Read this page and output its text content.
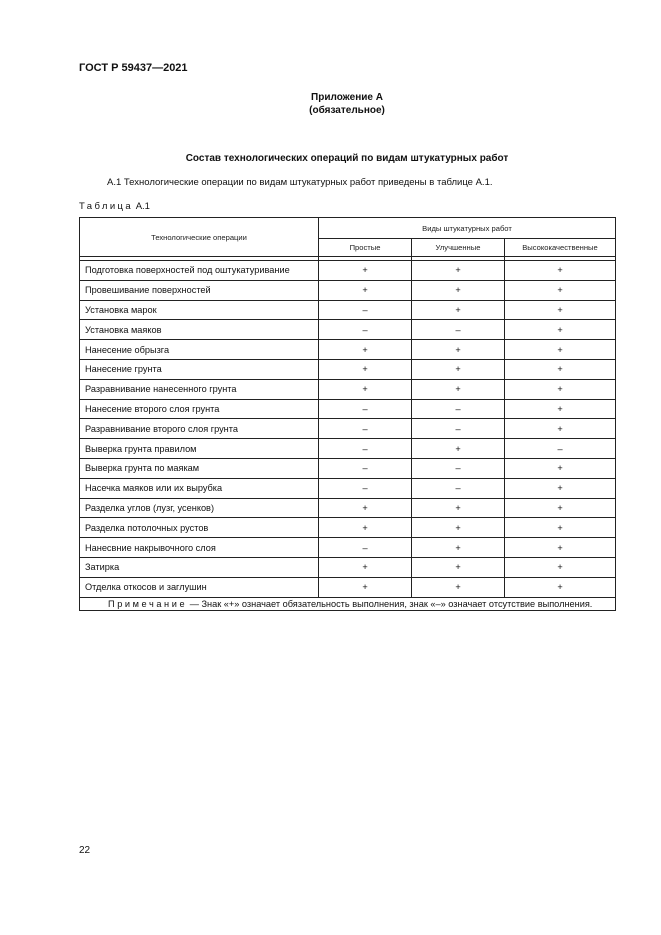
ГОСТ Р 59437—2021
Приложение А
(обязательное)
Состав технологических операций по видам штукатурных работ
А.1 Технологические операции по видам штукатурных работ приведены в таблице А.1.
Таблица А.1
Технологические операции	Виды штукатурных работ		
	Простые	Улучшенные	Высококачественные

Подготовка поверхностей под оштукатуривание	+	+	+
Провешивание поверхностей	+	+	+
Установка марок	–	+	+
Установка маяков	–	–	+
Нанесение обрызга	+	+	+
Нанесение грунта	+	+	+
Разравнивание нанесенного грунта	+	+	+
Нанесение второго слоя грунта	–	–	+
Разравнивание второго слоя грунта	–	–	+
Выверка грунта правилом	–	+	–
Выверка грунта по маякам	–	–	+
Насечка маяков или их вырубка	–	–	+
Разделка углов (лузг, усенков)	+	+	+
Разделка потолочных рустов	+	+	+
Нанесвние накрывочного слоя	–	+	+
Затирка	+	+	+
Отделка откосов и заглушин	+	+	+
Примечание — Знак «+» означает обязательность выполнения, знак «–» означает отсутствие выполнения.			
22
